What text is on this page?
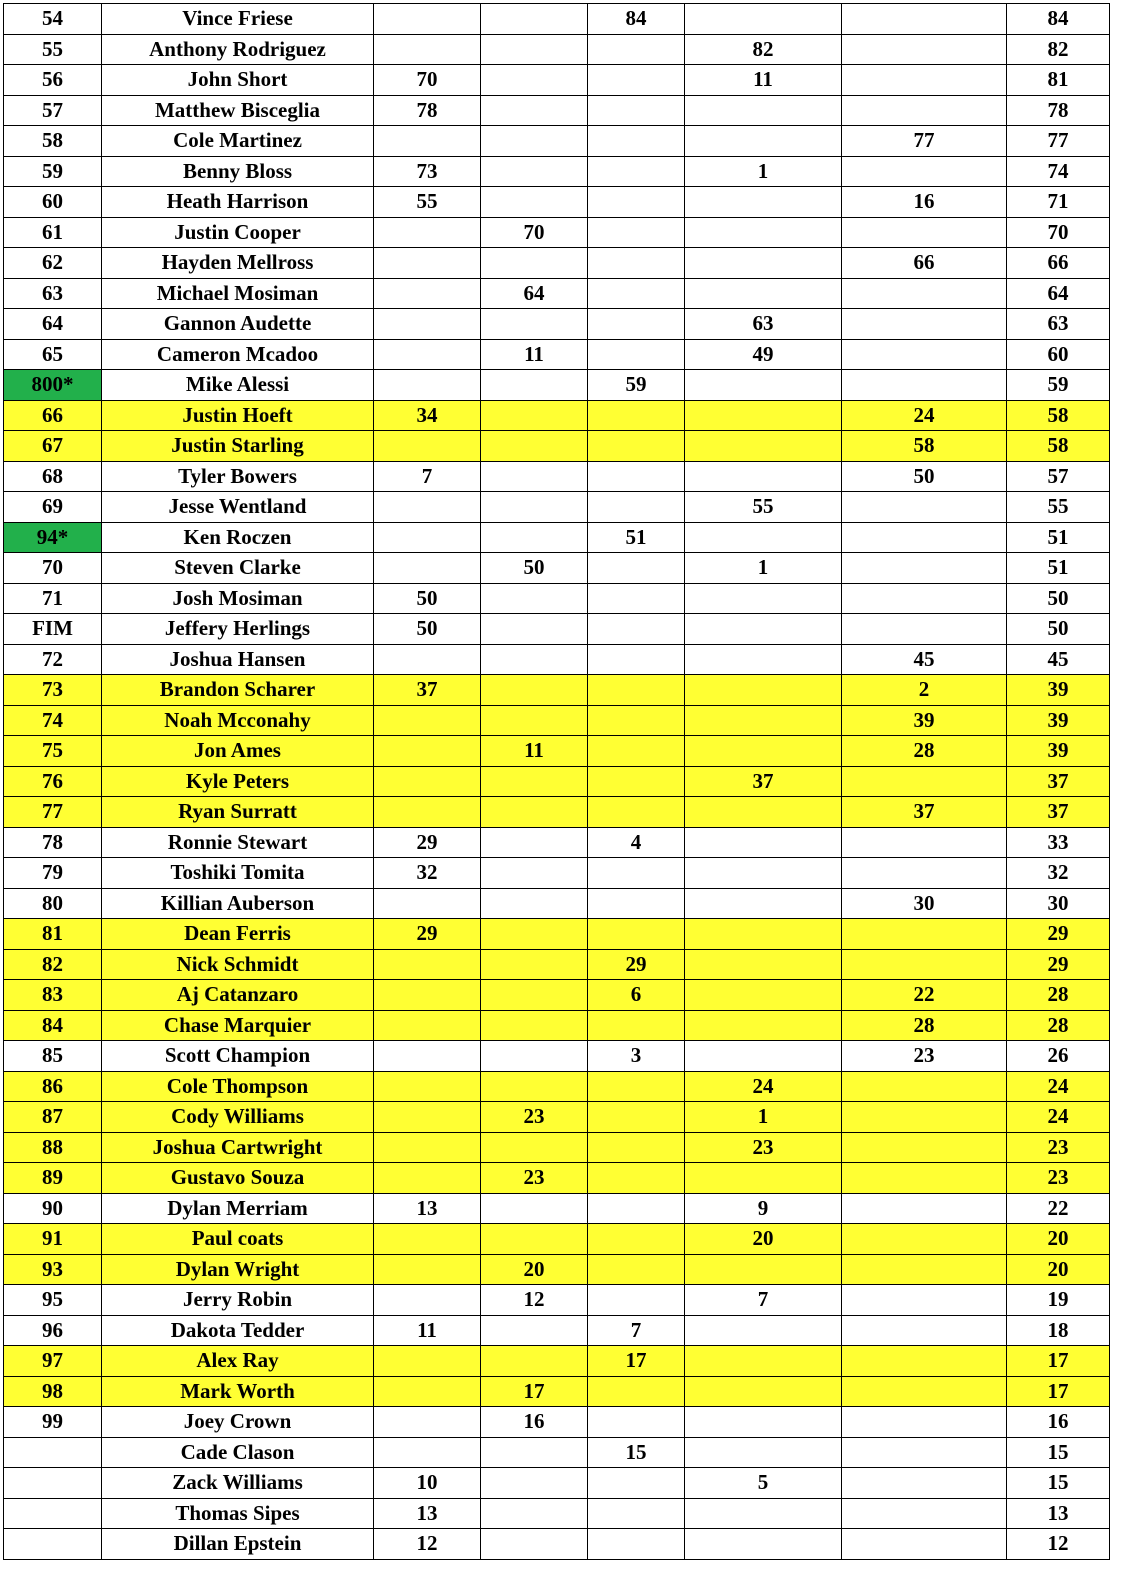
54	Vince Friese			84			84
55	Anthony Rodriguez				82		82
56	John Short	70			11		81
57	Matthew Bisceglia	78					78
58	Cole Martinez					77	77
59	Benny Bloss	73			1		74
60	Heath Harrison	55				16	71
61	Justin Cooper		70				70
62	Hayden Mellross					66	66
63	Michael Mosiman		64				64
64	Gannon Audette				63		63
65	Cameron Mcadoo		11		49		60
800*	Mike Alessi			59			59
66	Justin Hoeft	34				24	58
67	Justin Starling					58	58
68	Tyler Bowers	7				50	57
69	Jesse Wentland				55		55
94*	Ken Roczen			51			51
70	Steven Clarke		50		1		51
71	Josh Mosiman	50					50
FIM	Jeffery Herlings	50					50
72	Joshua Hansen					45	45
73	Brandon Scharer	37				2	39
74	Noah Mcconahy					39	39
75	Jon Ames		11			28	39
76	Kyle Peters				37		37
77	Ryan Surratt					37	37
78	Ronnie Stewart	29		4			33
79	Toshiki Tomita	32					32
80	Killian Auberson					30	30
81	Dean Ferris	29					29
82	Nick Schmidt			29			29
83	Aj Catanzaro			6		22	28
84	Chase Marquier					28	28
85	Scott Champion			3		23	26
86	Cole Thompson				24		24
87	Cody Williams		23		1		24
88	Joshua Cartwright				23		23
89	Gustavo Souza		23				23
90	Dylan Merriam	13			9		22
91	Paul coats				20		20
93	Dylan Wright		20				20
95	Jerry Robin		12		7		19
96	Dakota Tedder	11		7			18
97	Alex Ray			17			17
98	Mark Worth		17				17
99	Joey Crown		16				16
	Cade Clason			15			15
	Zack Williams	10			5		15
	Thomas Sipes	13					13
	Dillan Epstein	12					12
